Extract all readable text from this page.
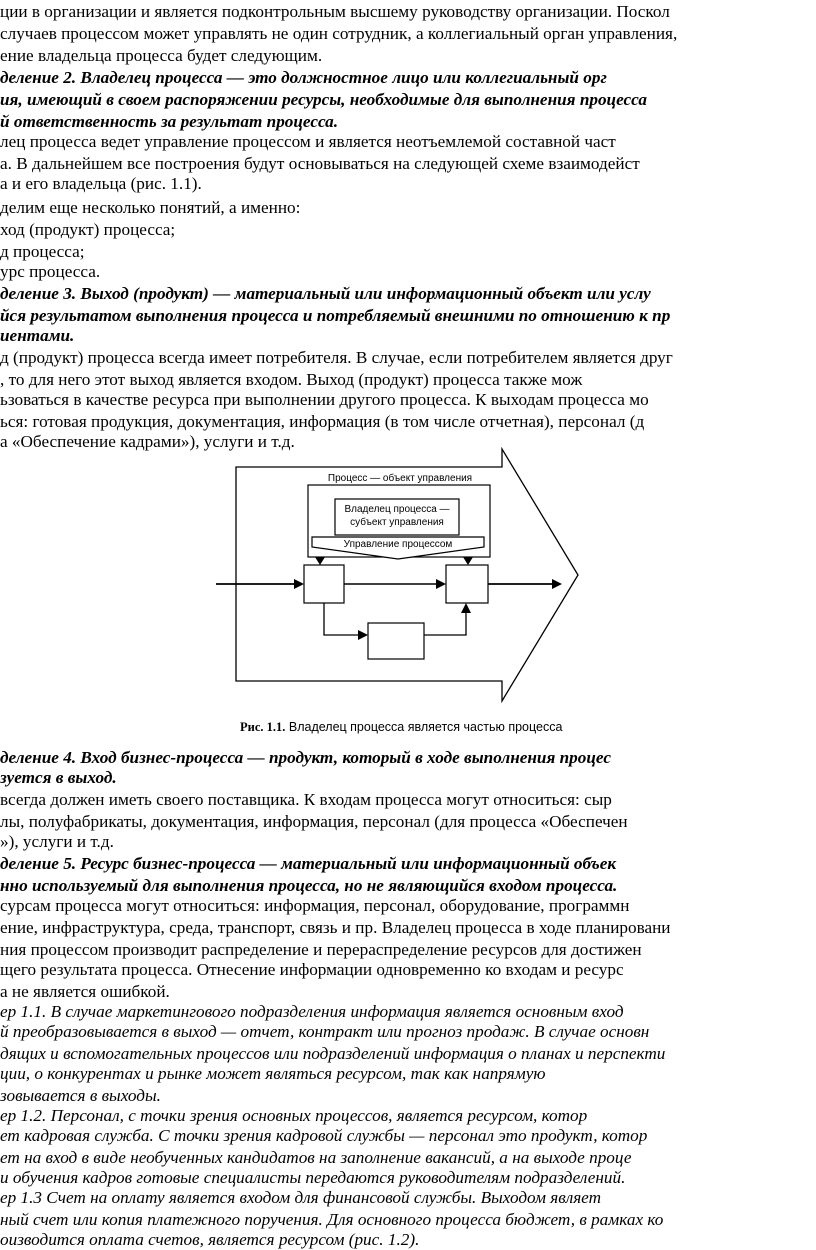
ции в организации и является подконтрольным высшему руководству организации. Поскол
случаев процессом может управлять не один сотрудник, а коллегиальный орган управления,
ение владельца процесса будет следующим.
деление 2. Владелец процесса — это должностное лицо или коллегиальный орг
ия, имеющий в своем распоряжении ресурсы, необходимые для выполнения процесса
й ответственность за результат процесса.
лец процесса ведет управление процессом и является неотъемлемой составной част
а. В дальнейшем все построения будут основываться на следующей схеме взаимодейст
а и его владельца (рис. 1.1).
делим еще несколько понятий, а именно:
ход (продукт) процесса;
д процесса;
урс процесса.
деление 3. Выход (продукт) — материальный или информационный объект или услу
йся результатом выполнения процесса и потребляемый внешними по отношению к пр
иентами.
д (продукт) процесса всегда имеет потребителя. В случае, если потребителем является друг
, то для него этот выход является входом. Выход (продукт) процесса также мож
ьзоваться в качестве ресурса при выполнении другого процесса. К выходам процесса мо
ься: готовая продукция, документация, информация (в том числе отчетная), персонал (д
а «Обеспечение кадрами»), услуги и т.д.
деление 4. Вход бизнес-процесса — продукт, который в ходе выполнения процес
зуется в выход.
всегда должен иметь своего поставщика. К входам процесса могут относиться: сыр
лы, полуфабрикаты, документация, информация, персонал (для процесса «Обеспечен
»), услуги и т.д.
деление 5. Ресурс бизнес-процесса — материальный или информационный объек
нно используемый для выполнения процесса, но не являющийся входом процесса.
сурсам процесса могут относиться: информация, персонал, оборудование, программн
ение, инфраструктура, среда, транспорт, связь и пр. Владелец процесса в ходе планировани
ния процессом производит распределение и перераспределение ресурсов для достижен
щего результата процесса. Отнесение информации одновременно ко входам и ресурс
а не является ошибкой.
ер 1.1. В случае маркетингового подразделения информация является основным вход
й преобразовывается в выход — отчет, контракт или прогноз продаж. В случае основн
дящих и вспомогательных процессов или подразделений информация о планах и перспекти
ции, о конкурентах и рынке может являться ресурсом, так как напрямую
зовывается в выходы.
ер 1.2. Персонал, с точки зрения основных процессов, является ресурсом, котор
ет кадровая служба. С точки зрения кадровой службы — персонал это продукт, котор
ет на вход в виде необученных кандидатов на заполнение вакансий, а на выходе проце
и обучения кадров готовые специалисты передаются руководителям подразделений.
ер 1.3 Счет на оплату является входом для финансовой службы. Выходом являет
ный счет или копия платежного поручения. Для основного процесса бюджет, в рамках ко
оизводится оплата счетов, является ресурсом (рис. 1.2).
Процесс — объект управления
Владелец процесса —
субъект управления
Управление процессом
Рис. 1.1. Владелец процесса является частью процесса
